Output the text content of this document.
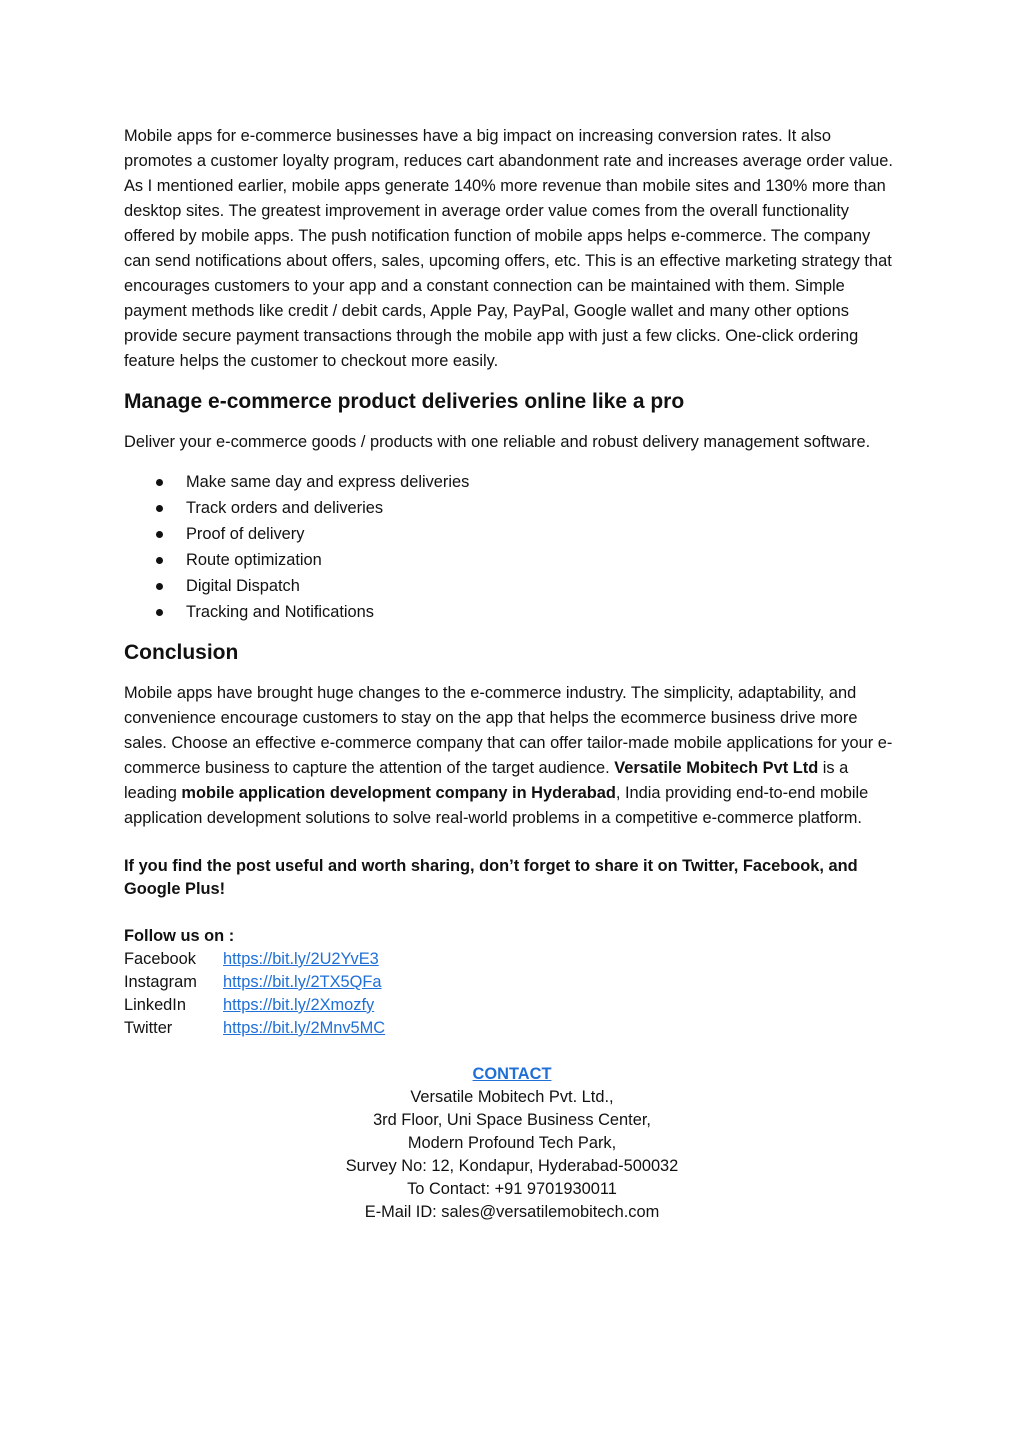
Mobile apps for e-commerce businesses have a big impact on increasing conversion rates. It also promotes a customer loyalty program, reduces cart abandonment rate and increases average order value. As I mentioned earlier, mobile apps generate 140% more revenue than mobile sites and 130% more than desktop sites. The greatest improvement in average order value comes from the overall functionality offered by mobile apps. The push notification function of mobile apps helps e-commerce. The company can send notifications about offers, sales, upcoming offers, etc. This is an effective marketing strategy that encourages customers to your app and a constant connection can be maintained with them. Simple payment methods like credit / debit cards, Apple Pay, PayPal, Google wallet and many other options provide secure payment transactions through the mobile app with just a few clicks. One-click ordering feature helps the customer to checkout more easily.

Manage e-commerce product deliveries online like a pro

Deliver your e-commerce goods / products with one reliable and robust delivery management software.

Make same day and express deliveries
Track orders and deliveries
Proof of delivery
Route optimization
Digital Dispatch
Tracking and Notifications
Conclusion

Mobile apps have brought huge changes to the e-commerce industry. The simplicity, adaptability, and convenience encourage customers to stay on the app that helps the ecommerce business drive more sales. Choose an effective e-commerce company that can offer tailor-made mobile applications for your e-commerce business to capture the attention of the target audience. Versatile Mobitech Pvt Ltd is a leading mobile application development company in Hyderabad, India providing end-to-end mobile application development solutions to solve real-world problems in a competitive e-commerce platform.

If you find the post useful and worth sharing, don’t forget to share it on Twitter, Facebook, and Google Plus!

Follow us on :
Facebook	https://bit.ly/2U2YvE3
Instagram	https://bit.ly/2TX5QFa
LinkedIn	https://bit.ly/2Xmozfy
Twitter	https://bit.ly/2Mnv5MC
CONTACT
Versatile Mobitech Pvt. Ltd.,
3rd Floor, Uni Space Business Center,
Modern Profound Tech Park,
Survey No: 12, Kondapur, Hyderabad-500032
To Contact: +91 9701930011
E-Mail ID: sales@versatilemobitech.com
